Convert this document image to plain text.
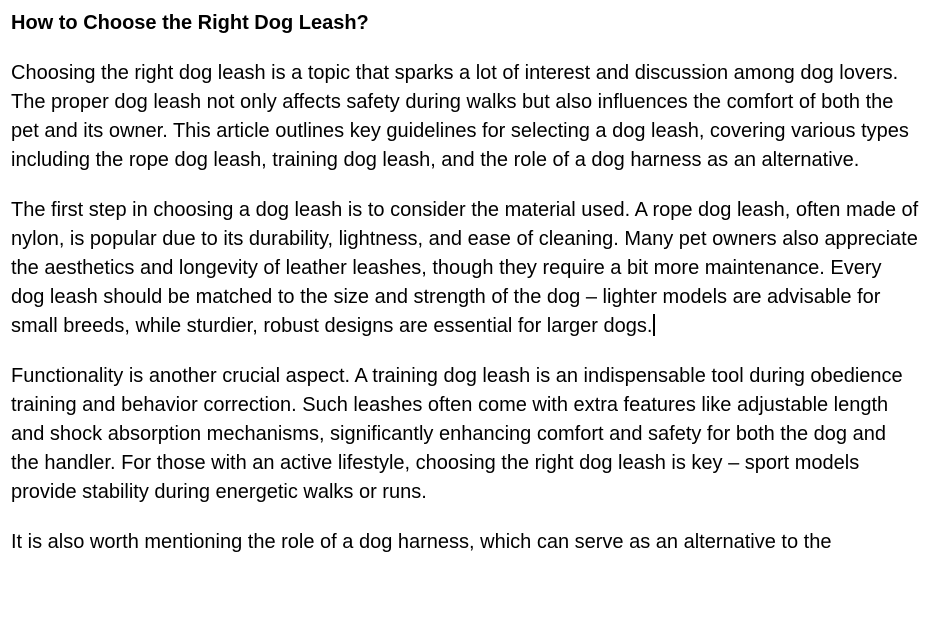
How to Choose the Right Dog Leash?

Choosing the right dog leash is a topic that sparks a lot of interest and discussion among dog lovers. The proper dog leash not only affects safety during walks but also influences the comfort of both the pet and its owner. This article outlines key guidelines for selecting a dog leash, covering various types including the rope dog leash, training dog leash, and the role of a dog harness as an alternative.

The first step in choosing a dog leash is to consider the material used. A rope dog leash, often made of nylon, is popular due to its durability, lightness, and ease of cleaning. Many pet owners also appreciate the aesthetics and longevity of leather leashes, though they require a bit more maintenance. Every dog leash should be matched to the size and strength of the dog – lighter models are advisable for small breeds, while sturdier, robust designs are essential for larger dogs.

Functionality is another crucial aspect. A training dog leash is an indispensable tool during obedience training and behavior correction. Such leashes often come with extra features like adjustable length and shock absorption mechanisms, significantly enhancing comfort and safety for both the dog and the handler. For those with an active lifestyle, choosing the right dog leash is key – sport models provide stability during energetic walks or runs.

It is also worth mentioning the role of a dog harness, which can serve as an alternative to the
